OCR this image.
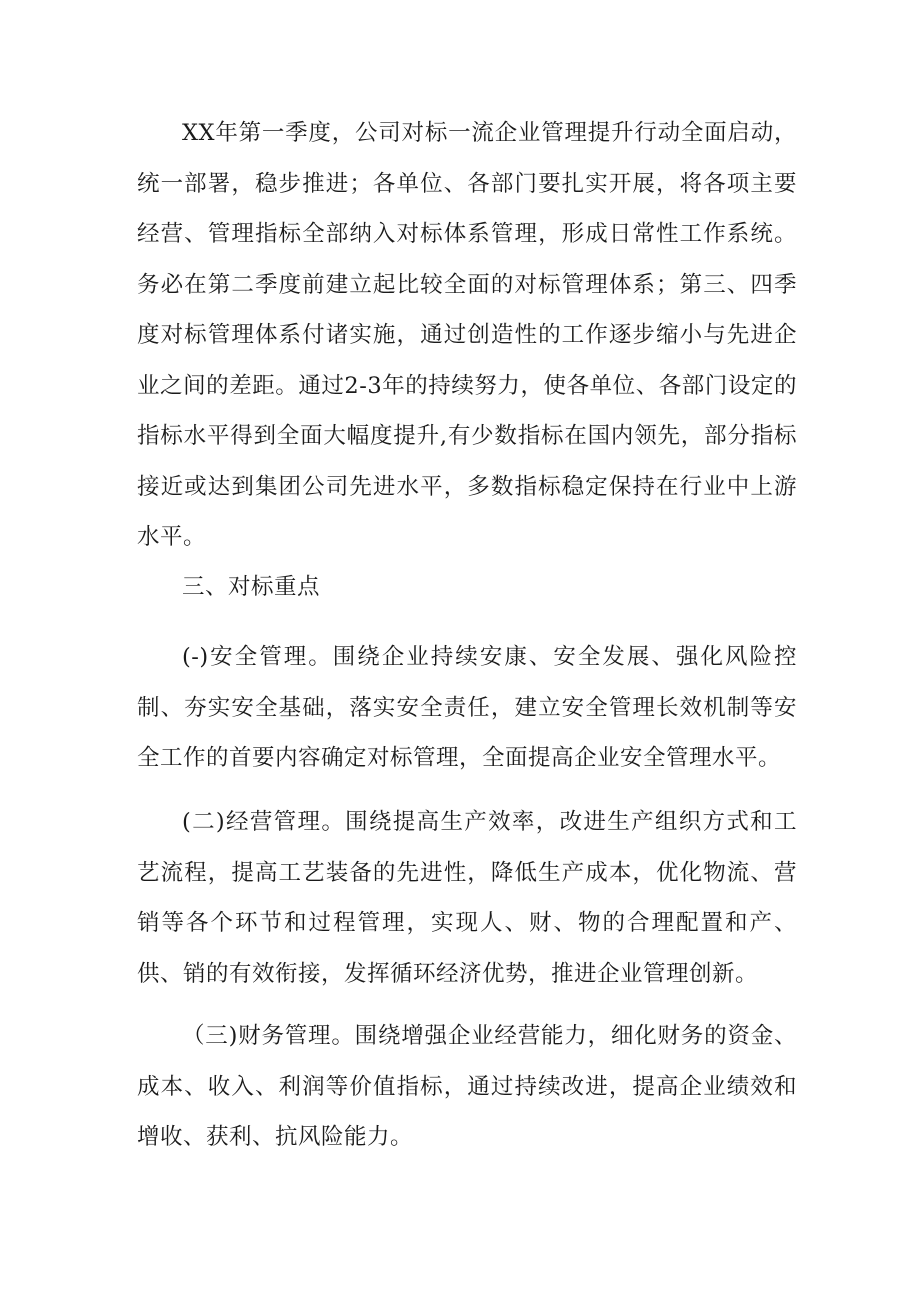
XX年第一季度，公司对标一流企业管理提升行动全面启动，统一部署，稳步推进；各单位、各部门要扎实开展，将各项主要经营、管理指标全部纳入对标体系管理，形成日常性工作系统。务必在第二季度前建立起比较全面的对标管理体系；第三、四季度对标管理体系付诸实施，通过创造性的工作逐步缩小与先进企业之间的差距。通过2-3年的持续努力，使各单位、各部门设定的指标水平得到全面大幅度提升,有少数指标在国内领先，部分指标接近或达到集团公司先进水平，多数指标稳定保持在行业中上游水平。

三、对标重点

(-)安全管理。围绕企业持续安康、安全发展、强化风险控制、夯实安全基础，落实安全责任，建立安全管理长效机制等安全工作的首要内容确定对标管理，全面提高企业安全管理水平。

(二)经营管理。围绕提高生产效率，改进生产组织方式和工艺流程，提高工艺装备的先进性，降低生产成本，优化物流、营销等各个环节和过程管理，实现人、财、物的合理配置和产、供、销的有效衔接，发挥循环经济优势，推进企业管理创新。

（三)财务管理。围绕增强企业经营能力，细化财务的资金、成本、收入、利润等价值指标，通过持续改进，提高企业绩效和增收、获利、抗风险能力。
